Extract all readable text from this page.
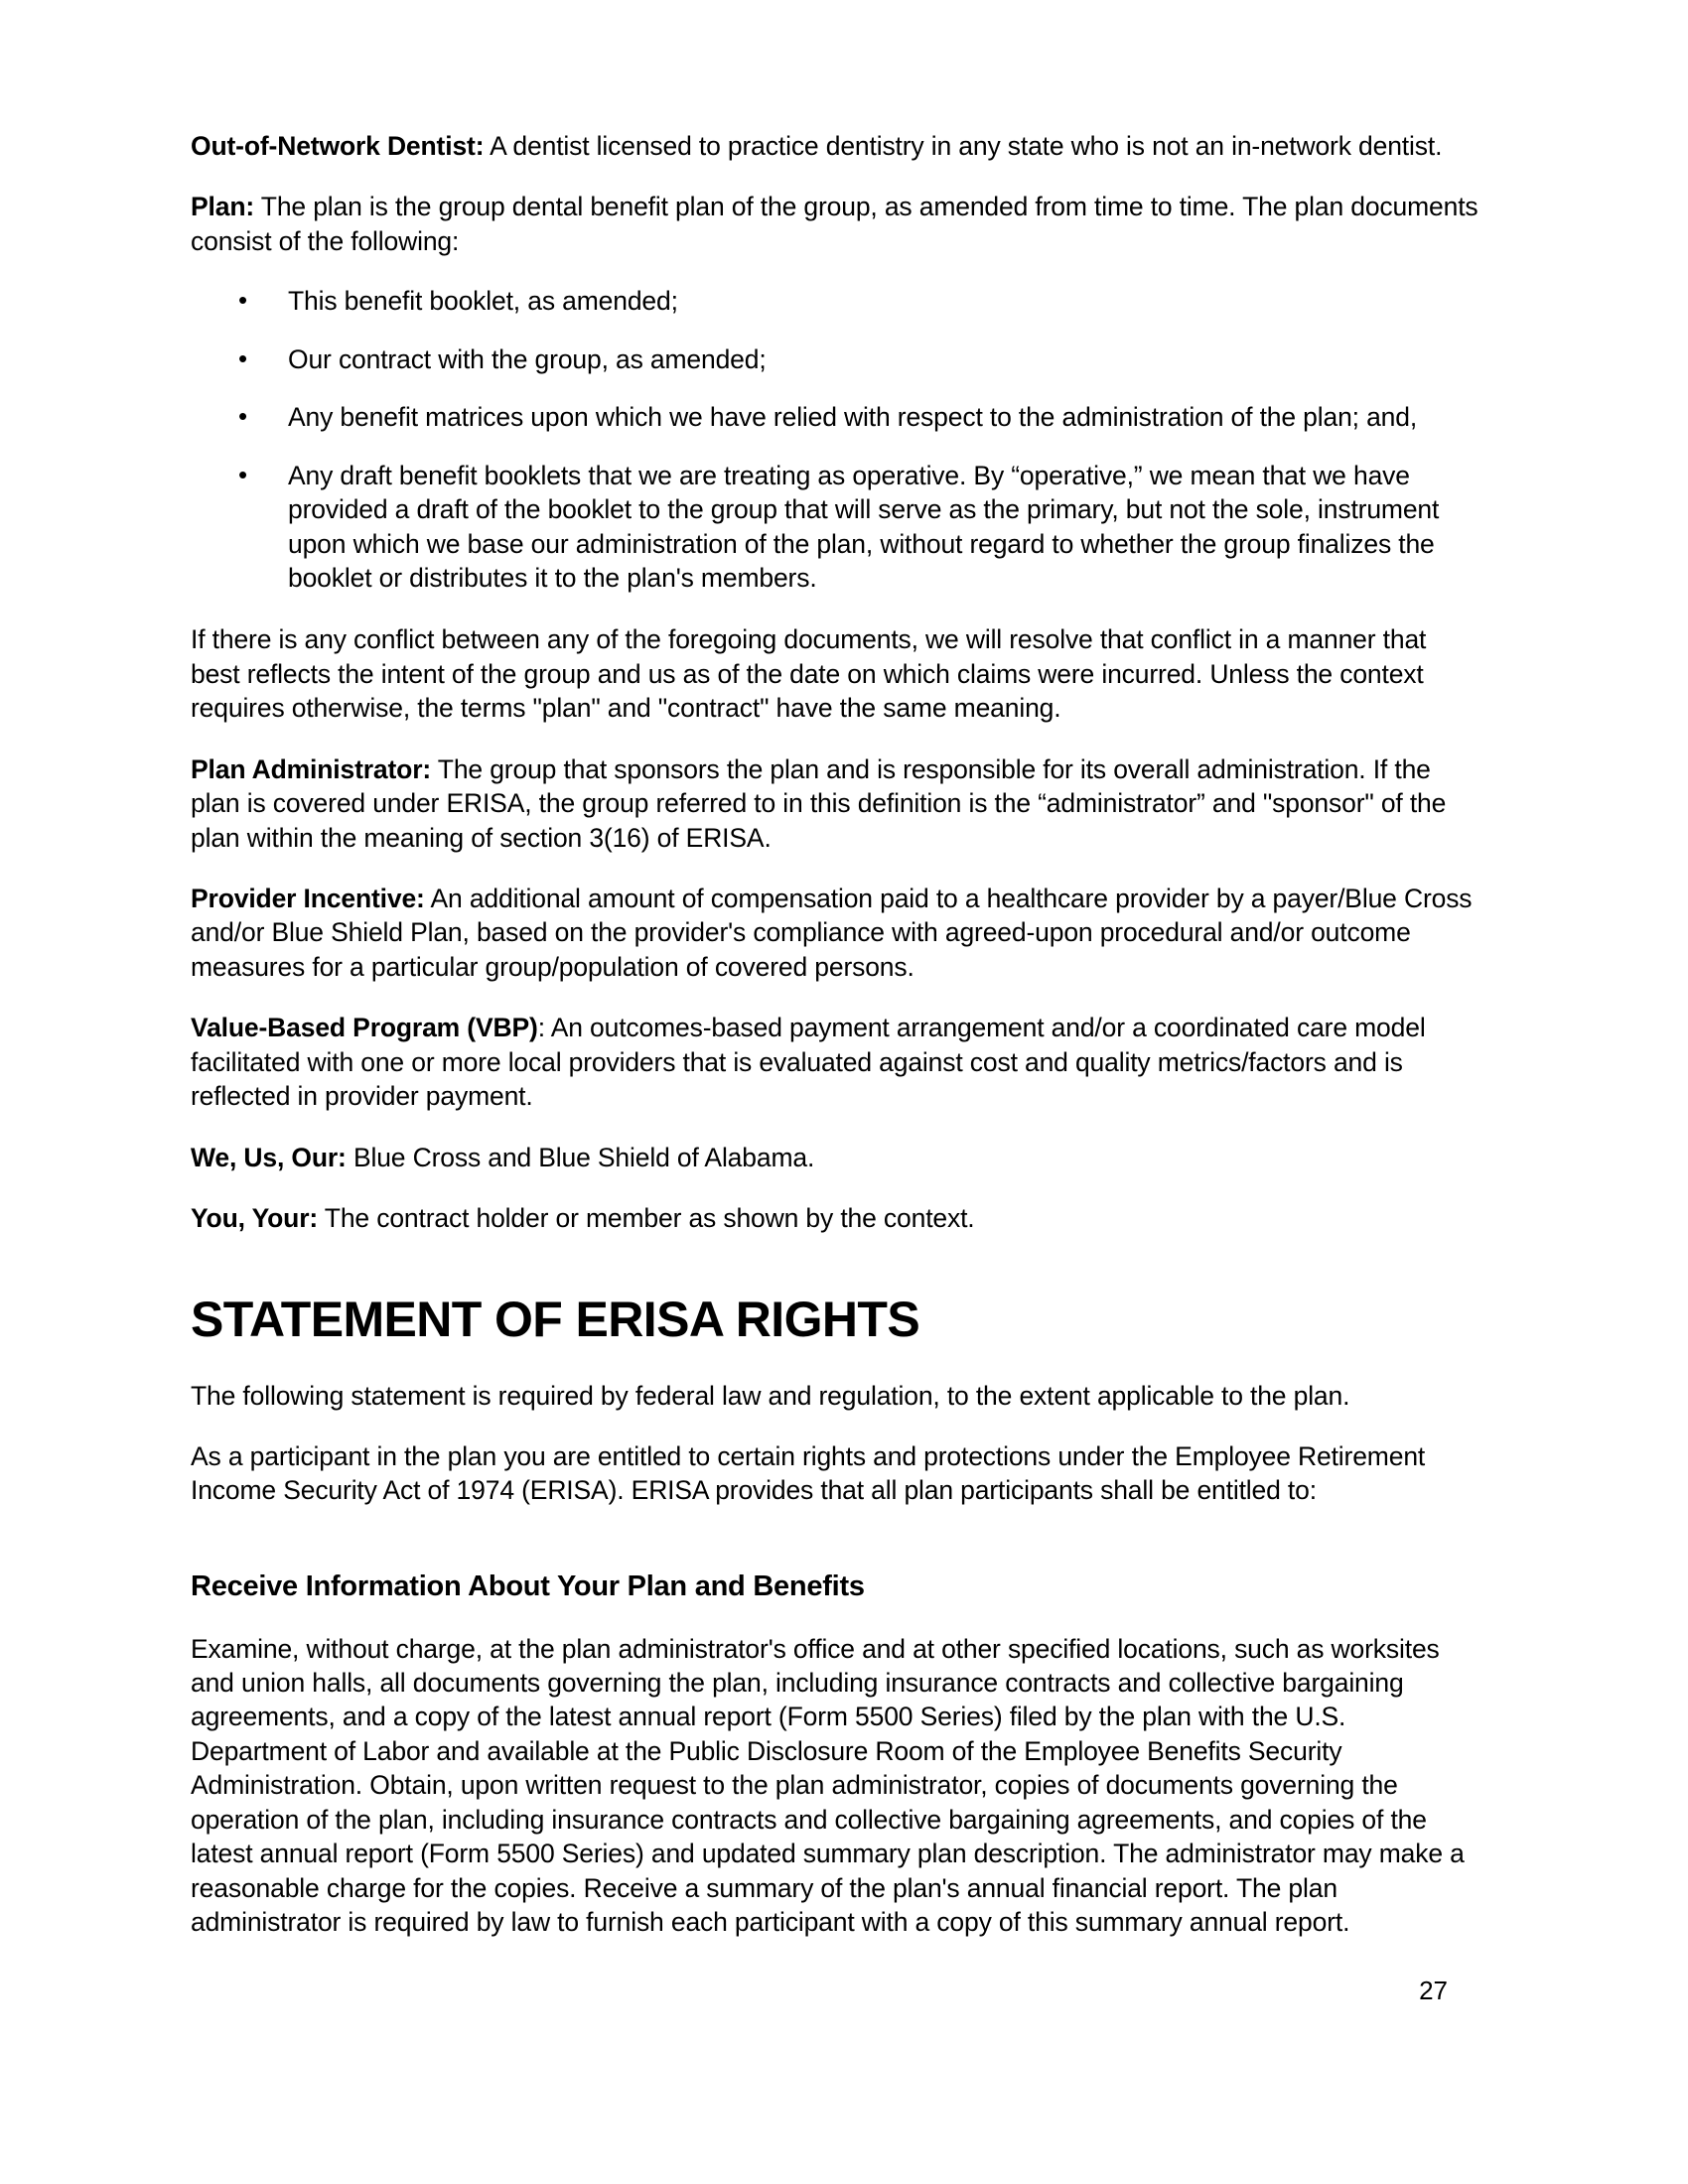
Out-of-Network Dentist: A dentist licensed to practice dentistry in any state who is not an in-network dentist.

Plan: The plan is the group dental benefit plan of the group, as amended from time to time. The plan documents consist of the following:

• This benefit booklet, as amended;
• Our contract with the group, as amended;
• Any benefit matrices upon which we have relied with respect to the administration of the plan; and,
• Any draft benefit booklets that we are treating as operative. By “operative,” we mean that we have provided a draft of the booklet to the group that will serve as the primary, but not the sole, instrument upon which we base our administration of the plan, without regard to whether the group finalizes the booklet or distributes it to the plan's members.

If there is any conflict between any of the foregoing documents, we will resolve that conflict in a manner that best reflects the intent of the group and us as of the date on which claims were incurred. Unless the context requires otherwise, the terms "plan" and "contract" have the same meaning.

Plan Administrator: The group that sponsors the plan and is responsible for its overall administration. If the plan is covered under ERISA, the group referred to in this definition is the “administrator” and "sponsor" of the plan within the meaning of section 3(16) of ERISA.

Provider Incentive: An additional amount of compensation paid to a healthcare provider by a payer/Blue Cross and/or Blue Shield Plan, based on the provider's compliance with agreed-upon procedural and/or outcome measures for a particular group/population of covered persons.

Value-Based Program (VBP): An outcomes-based payment arrangement and/or a coordinated care model facilitated with one or more local providers that is evaluated against cost and quality metrics/factors and is reflected in provider payment.

We, Us, Our: Blue Cross and Blue Shield of Alabama.

You, Your: The contract holder or member as shown by the context.

STATEMENT OF ERISA RIGHTS

The following statement is required by federal law and regulation, to the extent applicable to the plan.

As a participant in the plan you are entitled to certain rights and protections under the Employee Retirement Income Security Act of 1974 (ERISA). ERISA provides that all plan participants shall be entitled to:

Receive Information About Your Plan and Benefits

Examine, without charge, at the plan administrator's office and at other specified locations, such as worksites and union halls, all documents governing the plan, including insurance contracts and collective bargaining agreements, and a copy of the latest annual report (Form 5500 Series) filed by the plan with the U.S. Department of Labor and available at the Public Disclosure Room of the Employee Benefits Security Administration. Obtain, upon written request to the plan administrator, copies of documents governing the operation of the plan, including insurance contracts and collective bargaining agreements, and copies of the latest annual report (Form 5500 Series) and updated summary plan description. The administrator may make a reasonable charge for the copies. Receive a summary of the plan's annual financial report. The plan administrator is required by law to furnish each participant with a copy of this summary annual report.

27
